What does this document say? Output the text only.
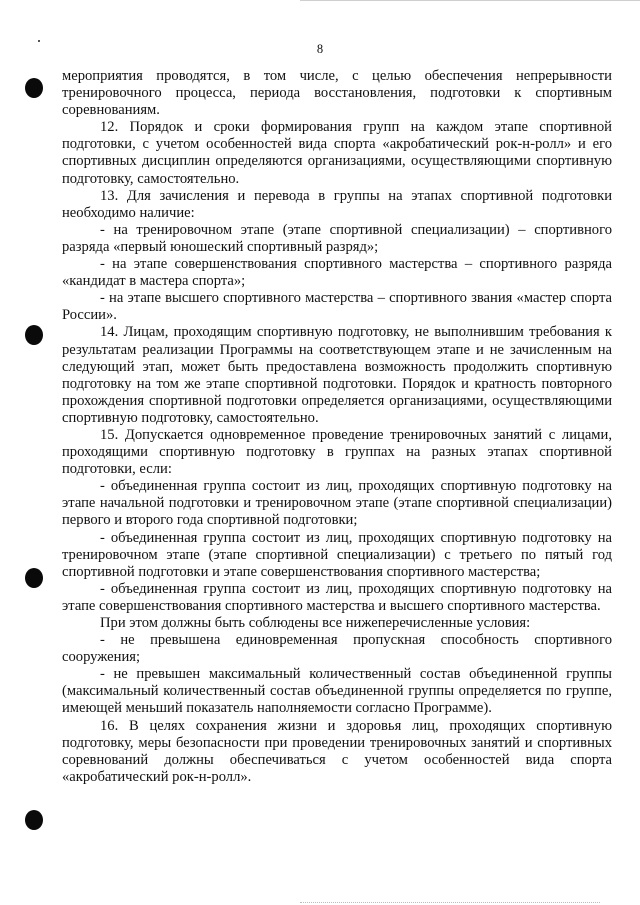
8

мероприятия проводятся, в том числе, с целью обеспечения непрерывности тренировочного процесса, периода восстановления, подготовки к спортивным соревнованиям.

12. Порядок и сроки формирования групп на каждом этапе спортивной подготовки, с учетом особенностей вида спорта «акробатический рок-н-ролл» и его спортивных дисциплин определяются организациями, осуществляющими спортивную подготовку, самостоятельно.

13. Для зачисления и перевода в группы на этапах спортивной подготовки необходимо наличие:

- на тренировочном этапе (этапе спортивной специализации) – спортивного разряда «первый юношеский спортивный разряд»;

- на этапе совершенствования спортивного мастерства – спортивного разряда «кандидат в мастера спорта»;

- на этапе высшего спортивного мастерства – спортивного звания «мастер спорта России».

14. Лицам, проходящим спортивную подготовку, не выполнившим требования к результатам реализации Программы на соответствующем этапе и не зачисленным на следующий этап, может быть предоставлена возможность продолжить спортивную подготовку на том же этапе спортивной подготовки. Порядок и кратность повторного прохождения спортивной подготовки определяется организациями, осуществляющими спортивную подготовку, самостоятельно.

15. Допускается одновременное проведение тренировочных занятий с лицами, проходящими спортивную подготовку в группах на разных этапах спортивной подготовки, если:

- объединенная группа состоит из лиц, проходящих спортивную подготовку на этапе начальной подготовки и тренировочном этапе (этапе спортивной специализации) первого и второго года спортивной подготовки;

- объединенная группа состоит из лиц, проходящих спортивную подготовку на тренировочном этапе (этапе спортивной специализации) с третьего по пятый год спортивной подготовки и этапе совершенствования спортивного мастерства;

- объединенная группа состоит из лиц, проходящих спортивную подготовку на этапе совершенствования спортивного мастерства и высшего спортивного мастерства.

При этом должны быть соблюдены все нижеперечисленные условия:

- не превышена единовременная пропускная способность спортивного сооружения;

- не превышен максимальный количественный состав объединенной группы (максимальный количественный состав объединенной группы определяется по группе, имеющей меньший показатель наполняемости согласно Программе).

16. В целях сохранения жизни и здоровья лиц, проходящих спортивную подготовку, меры безопасности при проведении тренировочных занятий и спортивных соревнований должны обеспечиваться с учетом особенностей вида спорта «акробатический рок-н-ролл».
